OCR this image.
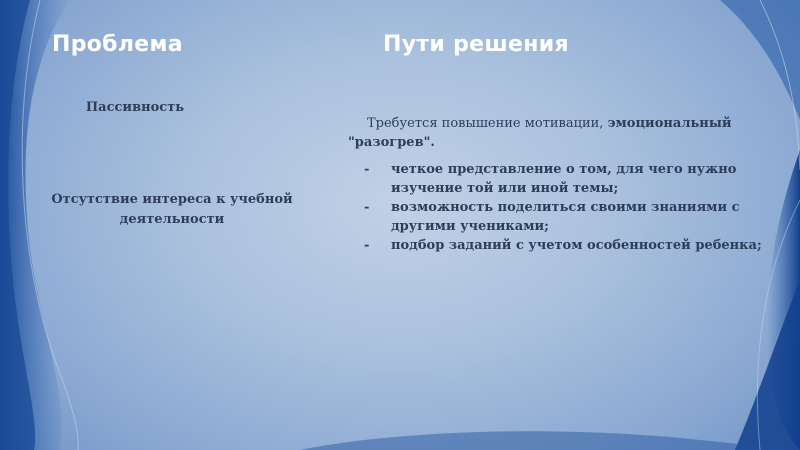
Проблема	Пути решения
Пассивность
Отсутствие интереса к учебной деятельности
Требуется повышение мотивации, эмоциональный "разогрев".
- четкое представление о том, для чего нужно изучение той или иной темы;
- возможность поделиться своими знаниями с другими учениками;
- подбор заданий с учетом особенностей ребенка;
